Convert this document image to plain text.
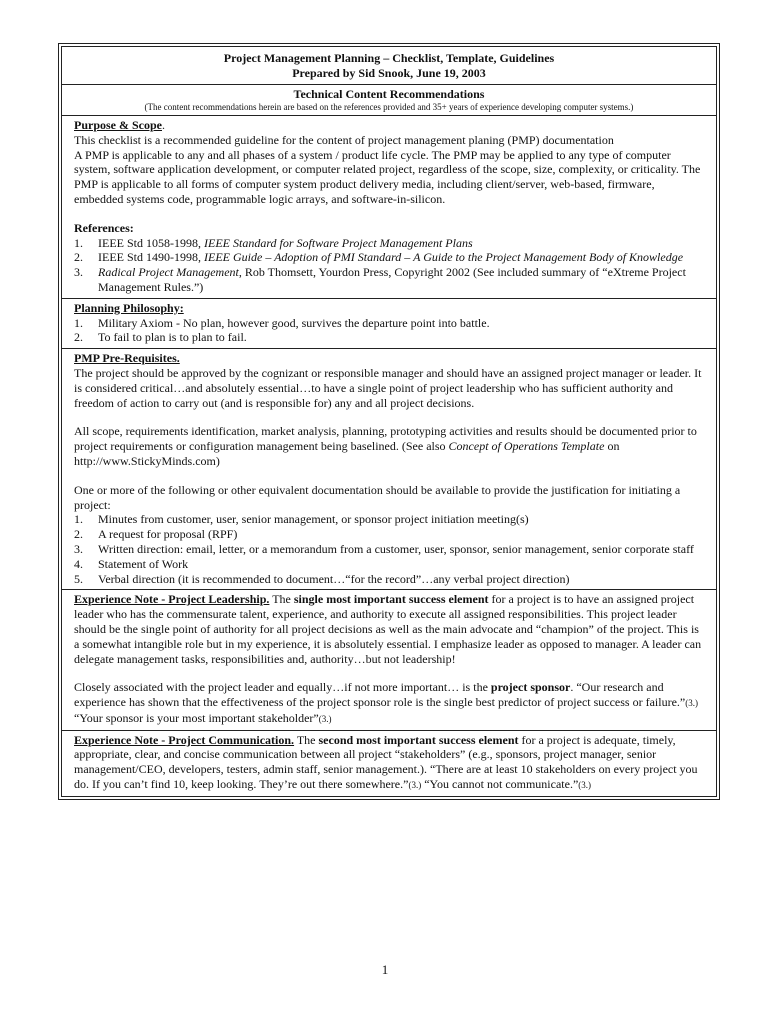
Project Management Planning – Checklist, Template, Guidelines
Prepared by Sid Snook, June 19, 2003
Technical Content Recommendations
(The content recommendations herein are based on the references provided and 35+ years of experience developing computer systems.)

Purpose & Scope.

This checklist is a recommended guideline for the content of project management planing (PMP) documentation

A PMP is applicable to any and all phases of a system / product life cycle. The PMP may be applied to any type of computer system, software application development, or computer related project, regardless of the scope, size, complexity, or criticality. The PMP is applicable to all forms of computer system product delivery media, including client/server, web-based, firmware, embedded systems code, programmable logic arrays, and software-in-silicon.

References:

1. IEEE Std 1058-1998, IEEE Standard for Software Project Management Plans
2. IEEE Std 1490-1998, IEEE Guide – Adoption of PMI Standard – A Guide to the Project Management Body of Knowledge
3. Radical Project Management, Rob Thomsett, Yourdon Press, Copyright 2002 (See included summary of “eXtreme Project Management Rules.”)

Planning Philosophy:

1. Military Axiom - No plan, however good, survives the departure point into battle.
2. To fail to plan is to plan to fail.

PMP Pre-Requisites.

The project should be approved by the cognizant or responsible manager and should have an assigned project manager or leader. It is considered critical…and absolutely essential…to have a single point of project leadership who has sufficient authority and freedom of action to carry out (and is responsible for) any and all project decisions.

All scope, requirements identification, market analysis, planning, prototyping activities and results should be documented prior to project requirements or configuration management being baselined. (See also Concept of Operations Template on http://www.StickyMinds.com)

One or more of the following or other equivalent documentation should be available to provide the justification for initiating a project:

1. Minutes from customer, user, senior management, or sponsor project initiation meeting(s)
2. A request for proposal (RPF)
3. Written direction: email, letter, or a memorandum from a customer, user, sponsor, senior management, senior corporate staff
4. Statement of Work
5. Verbal direction (it is recommended to document…“for the record”…any verbal project direction)

Experience Note - Project Leadership. The single most important success element for a project is to have an assigned project leader who has the commensurate talent, experience, and authority to execute all assigned responsibilities. This project leader should be the single point of authority for all project decisions as well as the main advocate and “champion” of the project. This is a somewhat intangible role but in my experience, it is absolutely essential. I emphasize leader as opposed to manager. A leader can delegate management tasks, responsibilities and, authority…but not leadership!

Closely associated with the project leader and equally…if not more important… is the project sponsor. “Our research and experience has shown that the effectiveness of the project sponsor role is the single best predictor of project success or failure.”(3.) “Your sponsor is your most important stakeholder”(3.)

Experience Note - Project Communication. The second most important success element for a project is adequate, timely, appropriate, clear, and concise communication between all project “stakeholders” (e.g., sponsors, project manager, senior management/CEO, developers, testers, admin staff, senior management.). “There are at least 10 stakeholders on every project you do. If you can’t find 10, keep looking. They’re out there somewhere.”(3.) “You cannot not communicate.”(3.)

1
